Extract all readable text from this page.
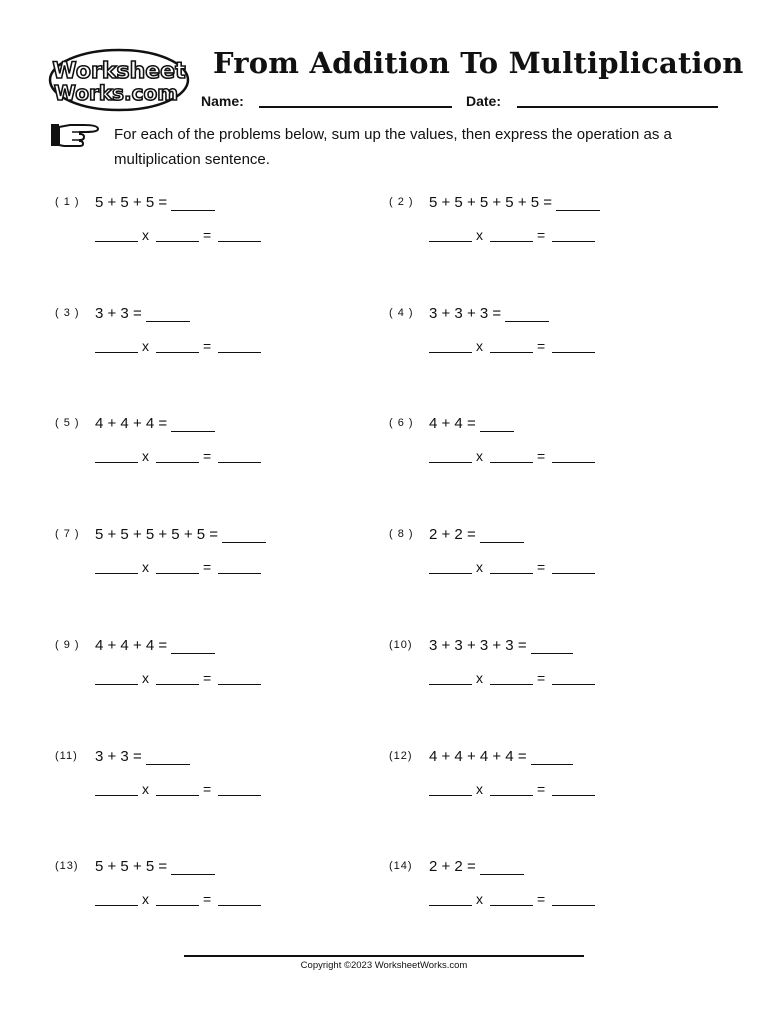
Worksheet
Works.com
From Addition To Multiplication
Name:	Date:
For each of the problems below, sum up the values, then express the operation as a multiplication sentence.
( 1 ) 5 + 5 + 5 =
x	=
( 2 ) 5 + 5 + 5 + 5 + 5 =
x	=
( 3 ) 3 + 3 =
x	=
( 4 ) 3 + 3 + 3 =
x	=
( 5 ) 4 + 4 + 4 =
x	=
( 6 ) 4 + 4 =
x	=
( 7 ) 5 + 5 + 5 + 5 + 5 =
x	=
( 8 ) 2 + 2 =
x	=
( 9 ) 4 + 4 + 4 =
x	=
(10) 3 + 3 + 3 + 3 =
x	=
(11) 3 + 3 =
x	=
(12) 4 + 4 + 4 + 4 =
x	=
(13) 5 + 5 + 5 =
x	=
(14) 2 + 2 =
x	=
Copyright ©2023 WorksheetWorks.com
